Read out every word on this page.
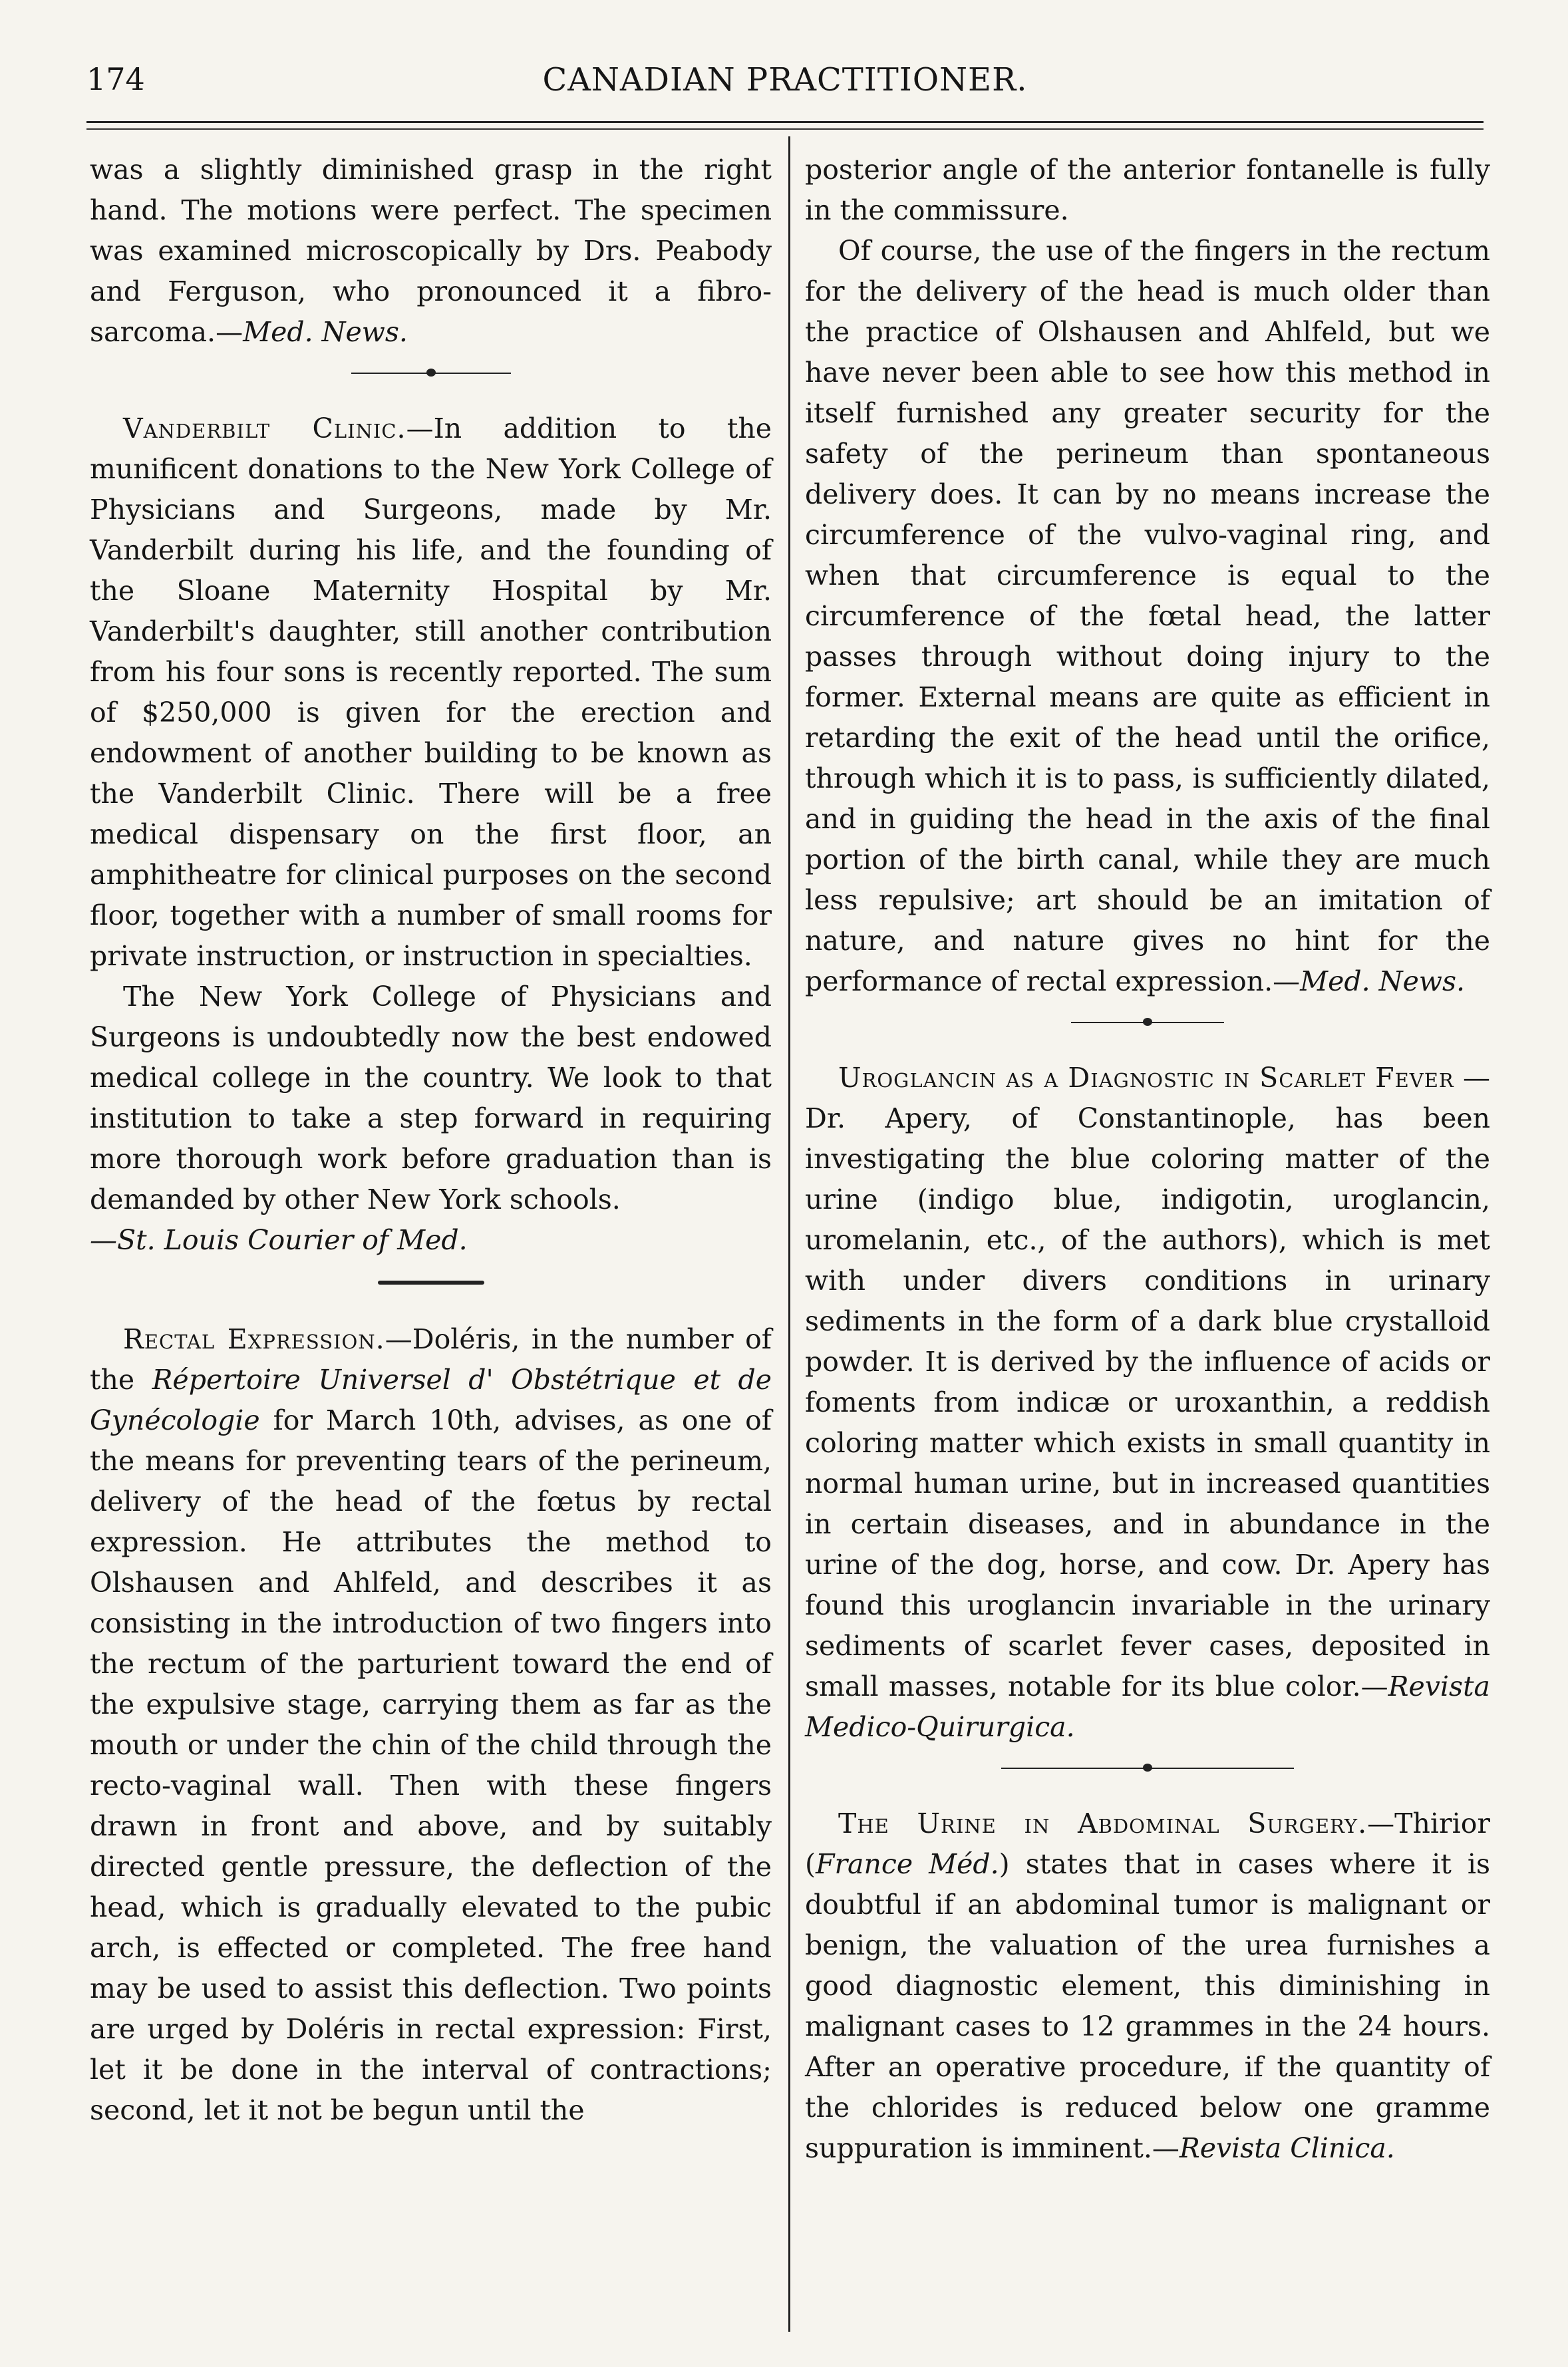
174	CANADIAN PRACTITIONER.

was a slightly diminished grasp in the right hand. The motions were perfect. The specimen was examined microscopically by Drs. Peabody and Ferguson, who pronounced it a fibro-sarcoma.—Med. News.

Vanderbilt Clinic.—In addition to the munificent donations to the New York College of Physicians and Surgeons, made by Mr. Vanderbilt during his life, and the founding of the Sloane Maternity Hospital by Mr. Vanderbilt's daughter, still another contribution from his four sons is recently reported. The sum of $250,000 is given for the erection and endowment of another building to be known as the Vanderbilt Clinic. There will be a free medical dispensary on the first floor, an amphitheatre for clinical purposes on the second floor, together with a number of small rooms for private instruction, or instruction in specialties.

The New York College of Physicians and Surgeons is undoubtedly now the best endowed medical college in the country. We look to that institution to take a step forward in requiring more thorough work before graduation than is demanded by other New York schools.

—St. Louis Courier of Med.

Rectal Expression.—Doléris, in the number of the Répertoire Universel d' Obstétrique et de Gynécologie for March 10th, advises, as one of the means for preventing tears of the perineum, delivery of the head of the fœtus by rectal expression. He attributes the method to Olshausen and Ahlfeld, and describes it as consisting in the introduction of two fingers into the rectum of the parturient toward the end of the expulsive stage, carrying them as far as the mouth or under the chin of the child through the recto-vaginal wall. Then with these fingers drawn in front and above, and by suitably directed gentle pressure, the deflection of the head, which is gradually elevated to the pubic arch, is effected or completed. The free hand may be used to assist this deflection. Two points are urged by Doléris in rectal expression: First, let it be done in the interval of contractions; second, let it not be begun until the

posterior angle of the anterior fontanelle is fully in the commissure.

Of course, the use of the fingers in the rectum for the delivery of the head is much older than the practice of Olshausen and Ahlfeld, but we have never been able to see how this method in itself furnished any greater security for the safety of the perineum than spontaneous delivery does. It can by no means increase the circumference of the vulvo-vaginal ring, and when that circumference is equal to the circumference of the fœtal head, the latter passes through without doing injury to the former. External means are quite as efficient in retarding the exit of the head until the orifice, through which it is to pass, is sufficiently dilated, and in guiding the head in the axis of the final portion of the birth canal, while they are much less repulsive; art should be an imitation of nature, and nature gives no hint for the performance of rectal expression.—Med. News.

Uroglancin as a Diagnostic in Scarlet Fever —Dr. Apery, of Constantinople, has been investigating the blue coloring matter of the urine (indigo blue, indigotin, uroglancin, uromelanin, etc., of the authors), which is met with under divers conditions in urinary sediments in the form of a dark blue crystalloid powder. It is derived by the influence of acids or foments from indicæ or uroxanthin, a reddish coloring matter which exists in small quantity in normal human urine, but in increased quantities in certain diseases, and in abundance in the urine of the dog, horse, and cow. Dr. Apery has found this uroglancin invariable in the urinary sediments of scarlet fever cases, deposited in small masses, notable for its blue color.—Revista Medico-Quirurgica.

The Urine in Abdominal Surgery.—Thirior (France Méd.) states that in cases where it is doubtful if an abdominal tumor is malignant or benign, the valuation of the urea furnishes a good diagnostic element, this diminishing in malignant cases to 12 grammes in the 24 hours. After an operative procedure, if the quantity of the chlorides is reduced below one gramme suppuration is imminent.—Revista Clinica.
